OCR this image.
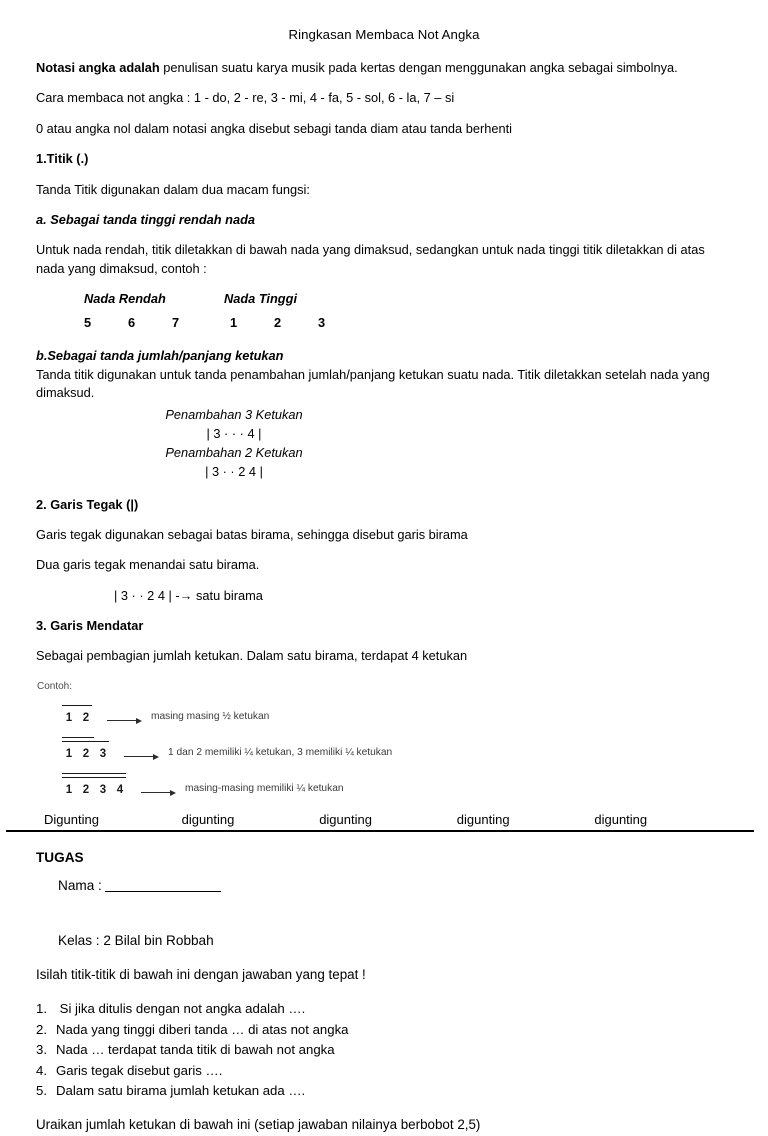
Ringkasan Membaca Not Angka

Notasi angka adalah penulisan suatu karya musik pada kertas dengan menggunakan angka sebagai simbolnya.

Cara membaca not angka : 1 - do, 2 - re, 3 - mi, 4 - fa, 5 - sol, 6 - la, 7 – si

0 atau angka nol dalam notasi angka disebut sebagi tanda diam atau tanda berhenti

1.Titik (.)

Tanda Titik digunakan dalam dua macam fungsi:

a. Sebagai tanda tinggi rendah nada

Untuk nada rendah, titik diletakkan di bawah nada yang dimaksud, sedangkan untuk nada tinggi titik diletakkan di atas nada yang dimaksud, contoh :

Nada Rendah	Nada Tinggi
5	6	7	1	2	3
b.Sebagai tanda jumlah/panjang ketukan

Tanda titik digunakan untuk tanda penambahan jumlah/panjang ketukan suatu nada. Titik diletakkan setelah nada yang dimaksud.

Penambahan 3 Ketukan
| 3 · · · 4 |
Penambahan 2 Ketukan
| 3 · · 2 4 |
2. Garis Tegak (|)

Garis tegak digunakan sebagai batas birama, sehingga disebut garis birama

Dua garis tegak menandai satu birama.

| 3 · · 2 4 | -→ satu birama
3. Garis Mendatar

Sebagai pembagian jumlah ketukan. Dalam satu birama, terdapat 4 ketukan

Contoh:
1 2	masing masing ½ ketukan
1 2 3	1 dan 2 memiliki ¼ ketukan, 3 memiliki ¼ ketukan
1 2 3 4	masing-masing memiliki ¼ ketukan
Digunting	digunting	digunting	digunting	digunting
TUGAS
Nama :
Kelas : 2 Bilal bin Robbah

Isilah titik-titik di bawah ini dengan jawaban yang tepat !

1. Si jika ditulis dengan not angka adalah ….
2. Nada yang tinggi diberi tanda … di atas not angka
3. Nada … terdapat tanda titik di bawah not angka
4. Garis tegak disebut garis ….
5. Dalam satu birama jumlah ketukan ada ….

Uraikan jumlah ketukan di bawah ini (setiap jawaban nilainya berbobot 2,5)
